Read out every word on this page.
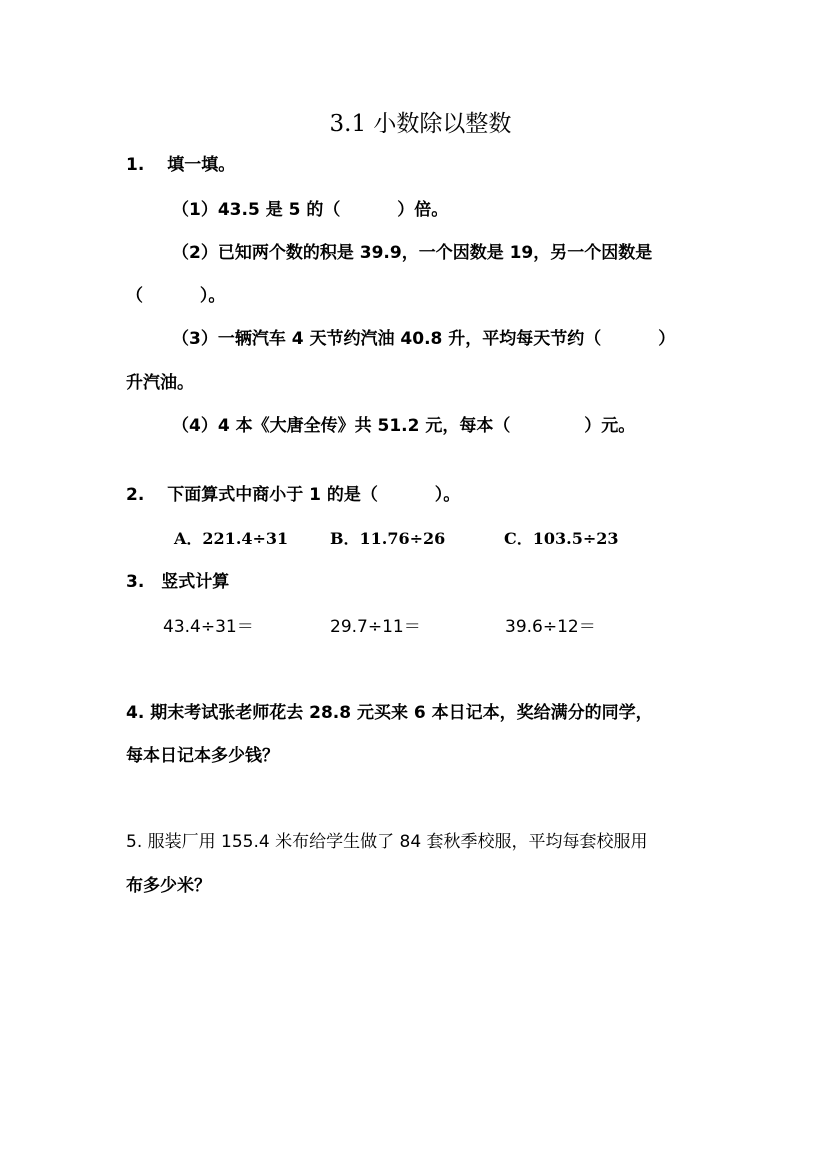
3.1 小数除以整数
1.　 填一填。
（1）43.5 是 5 的（　　　 ）倍。
（2）已知两个数的积是 39.9，一个因数是 19，另一个因数是
（　　　 ）。
（3）一辆汽车 4 天节约汽油 40.8 升，平均每天节约（　　　 ）
升汽油。
（4）4 本《大唐全传》共 51.2 元，每本（　　　　 ）元。
2.　 下面算式中商小于 1 的是（　　　 ）。
A．221.4÷31	B．11.76÷26	C．103.5÷23
3.　竖式计算
43.4÷31＝	29.7÷11＝	39.6÷12＝
4. 期末考试张老师花去 28.8 元买来 6 本日记本，奖给满分的同学，
每本日记本多少钱？
5. 服装厂用 155.4 米布给学生做了 84 套秋季校服，平均每套校服用
布多少米？
